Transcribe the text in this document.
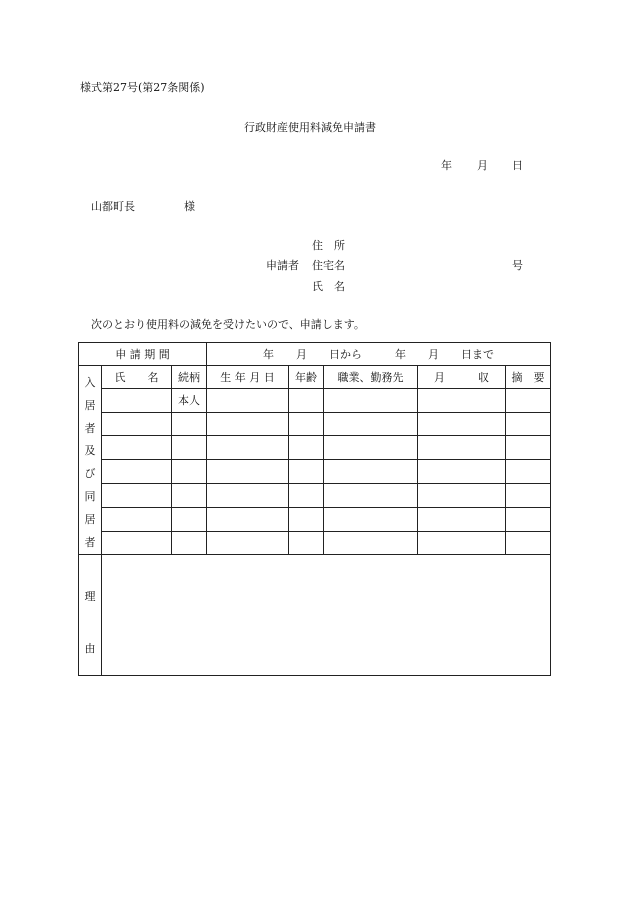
様式第27号(第27条関係)
行政財産使用料減免申請書
年 月 日
山都町長	様
住　所
申請者 住宅名	号
氏　名
次のとおり使用料の減免を受けたいので、申請します。
申 請 期 間			年　　月　　日から　　　年　　月　　日まで				

入居者及び同居者	氏　　名	続柄	生 年 月 日	年齢	職業、勤務先	月　　　収	摘　要
		本人					

理由							
